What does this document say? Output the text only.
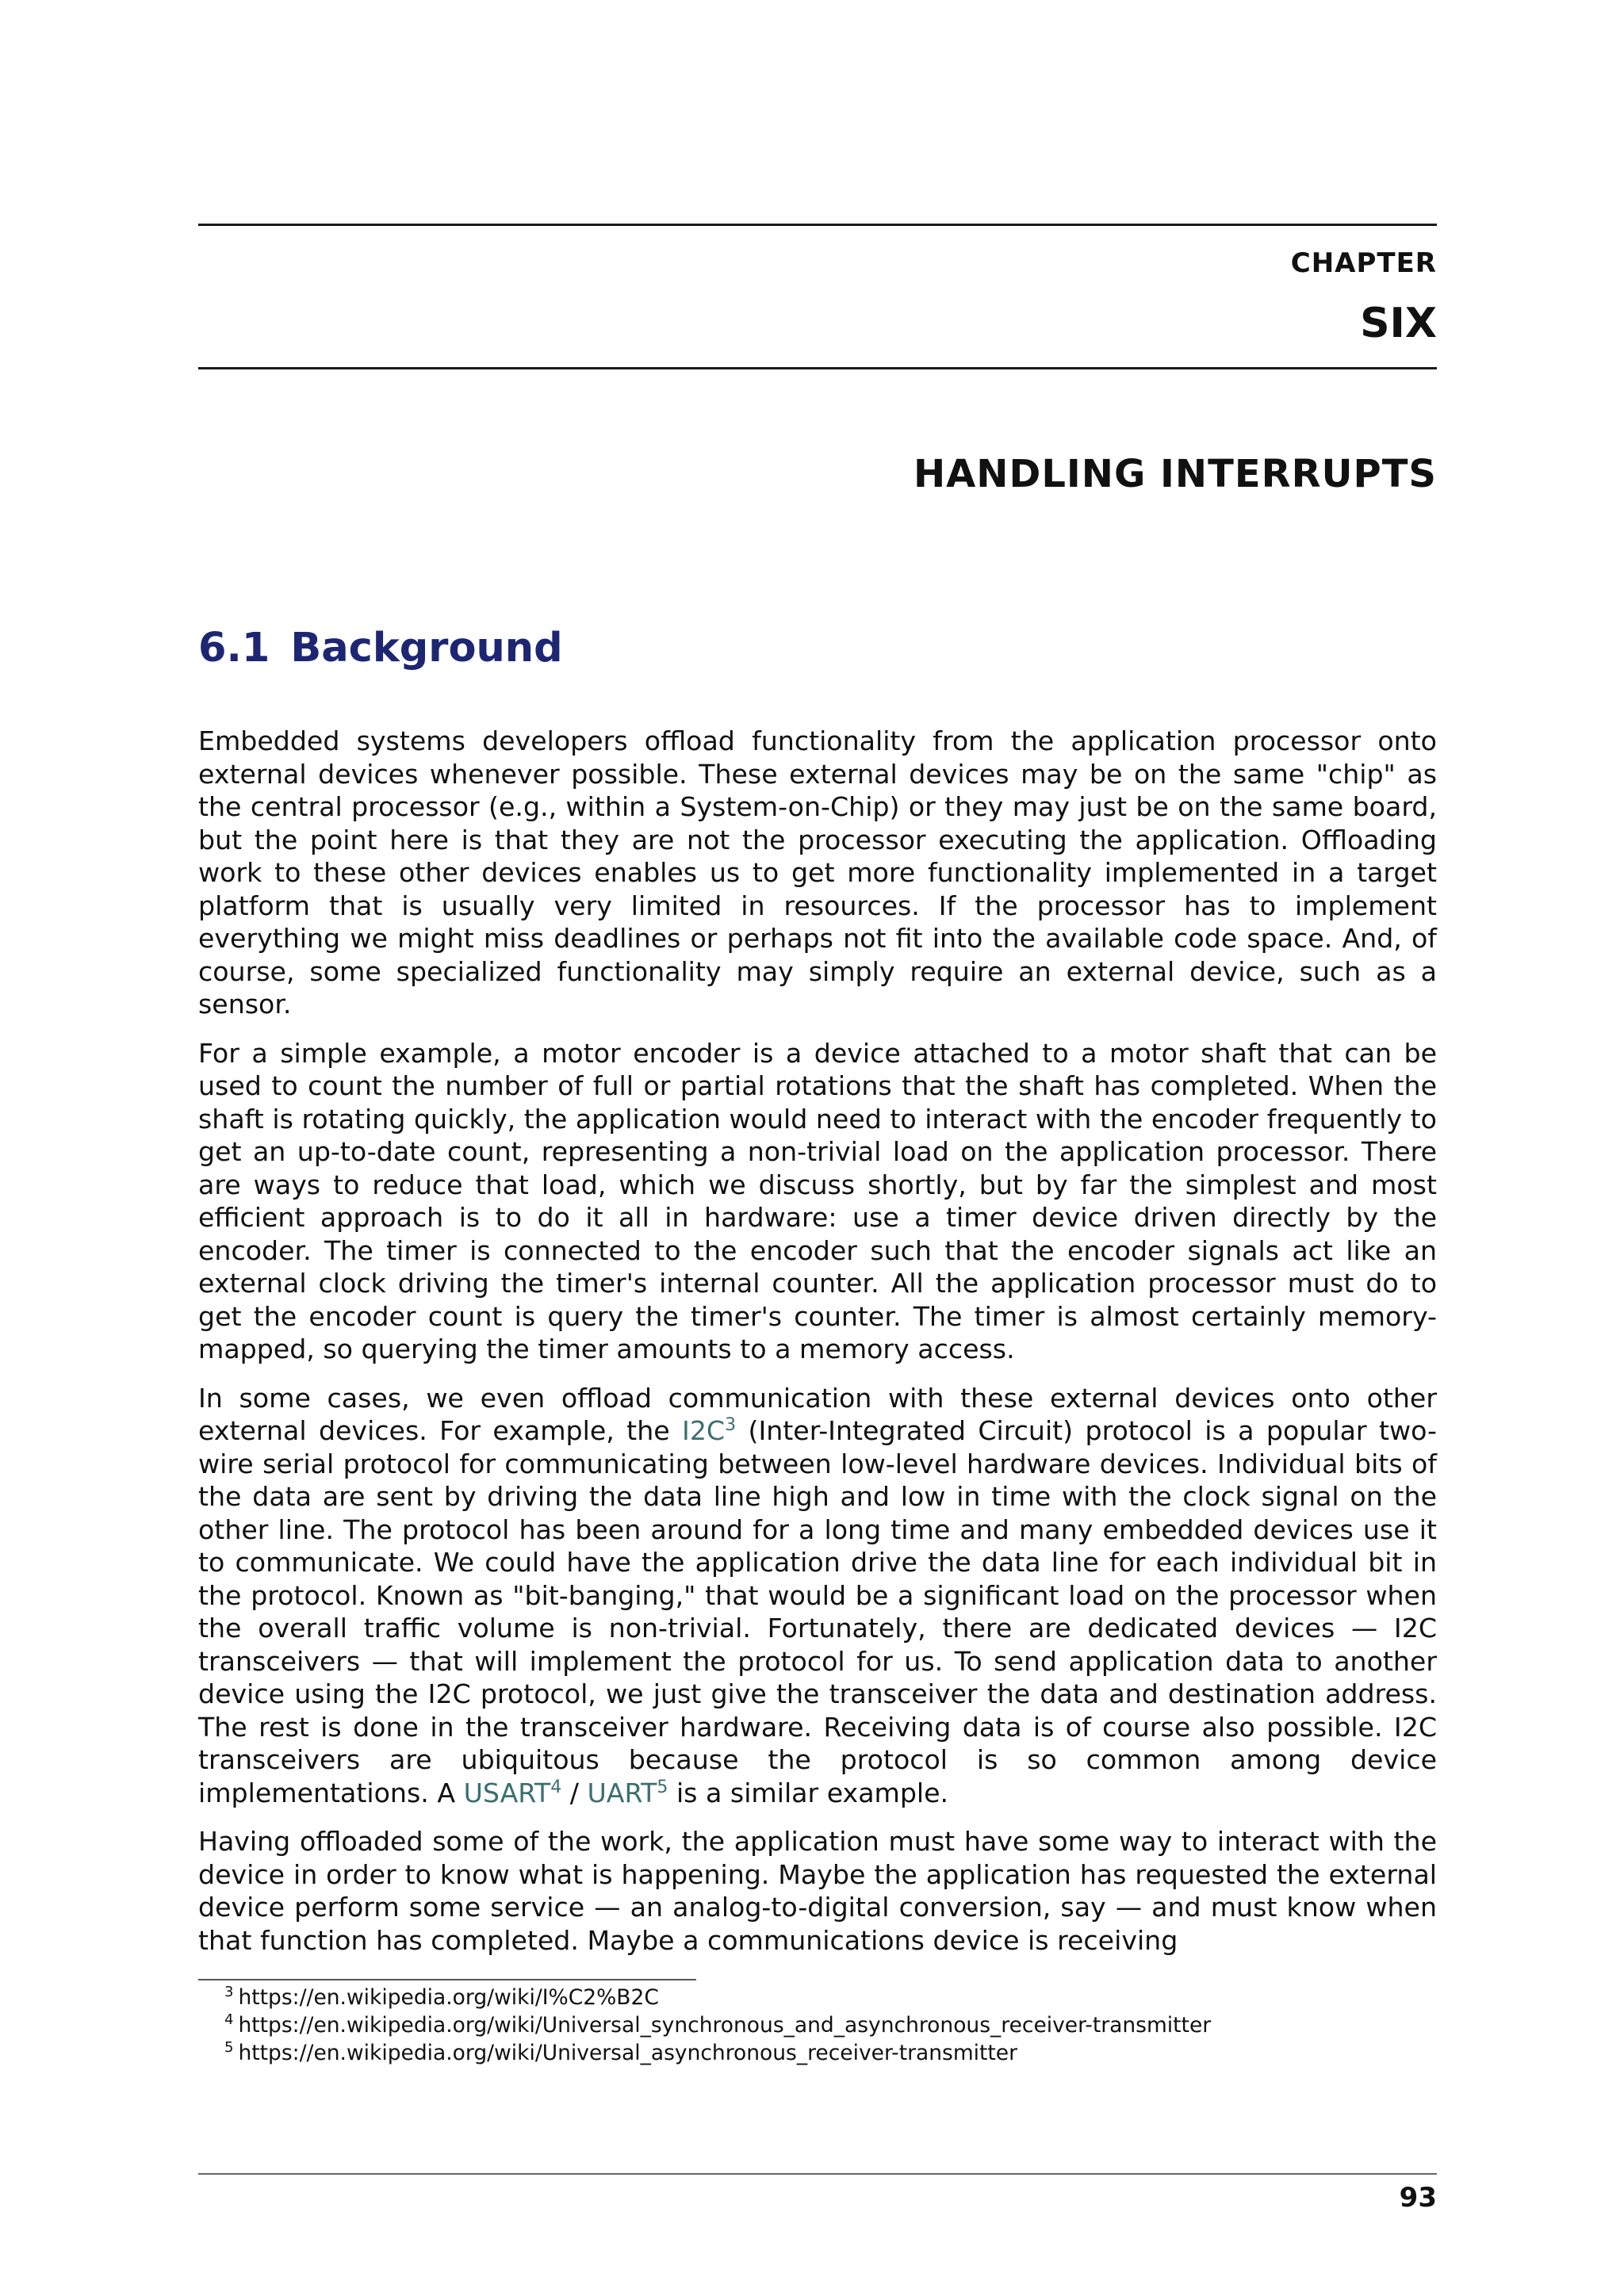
CHAPTER
SIX
HANDLING INTERRUPTS
6.1 Background

Embedded systems developers offload functionality from the application processor onto external devices whenever possible. These external devices may be on the same "chip" as the central processor (e.g., within a System-on-Chip) or they may just be on the same board, but the point here is that they are not the processor executing the application. Offloading work to these other devices enables us to get more functionality implemented in a target platform that is usually very limited in resources. If the processor has to implement everything we might miss deadlines or perhaps not fit into the available code space. And, of course, some specialized functionality may simply require an external device, such as a sensor.

For a simple example, a motor encoder is a device attached to a motor shaft that can be used to count the number of full or partial rotations that the shaft has completed. When the shaft is rotating quickly, the application would need to interact with the encoder frequently to get an up-to-date count, representing a non-trivial load on the application processor. There are ways to reduce that load, which we discuss shortly, but by far the simplest and most efficient approach is to do it all in hardware: use a timer device driven directly by the encoder. The timer is connected to the encoder such that the encoder signals act like an external clock driving the timer's internal counter. All the application processor must do to get the encoder count is query the timer's counter. The timer is almost certainly memory-mapped, so querying the timer amounts to a memory access.

In some cases, we even offload communication with these external devices onto other external devices. For example, the $I2C^3$ (Inter-Integrated Circuit) protocol is a popular two-wire serial protocol for communicating between low-level hardware devices. Individual bits of the data are sent by driving the data line high and low in time with the clock signal on the other line. The protocol has been around for a long time and many embedded devices use it to communicate. We could have the application drive the data line for each individual bit in the protocol. Known as "bit-banging," that would be a significant load on the processor when the overall traffic volume is non-trivial. Fortunately, there are dedicated devices — I2C transceivers — that will implement the protocol for us. To send application data to another device using the I2C protocol, we just give the transceiver the data and destination address. The rest is done in the transceiver hardware. Receiving data is of course also possible. I2C transceivers are ubiquitous because the protocol is so common among device implementations. A USART$^4$ / UART$^5$ is a similar example.

Having offloaded some of the work, the application must have some way to interact with the device in order to know what is happening. Maybe the application has requested the external device perform some service — an analog-to-digital conversion, say — and must know when that function has completed. Maybe a communications device is receiving

$^3$ https://en.wikipedia.org/wiki/I%C2%B2C
$^4$ https://en.wikipedia.org/wiki/Universal_synchronous_and_asynchronous_receiver-transmitter
$^5$ https://en.wikipedia.org/wiki/Universal_asynchronous_receiver-transmitter
93
